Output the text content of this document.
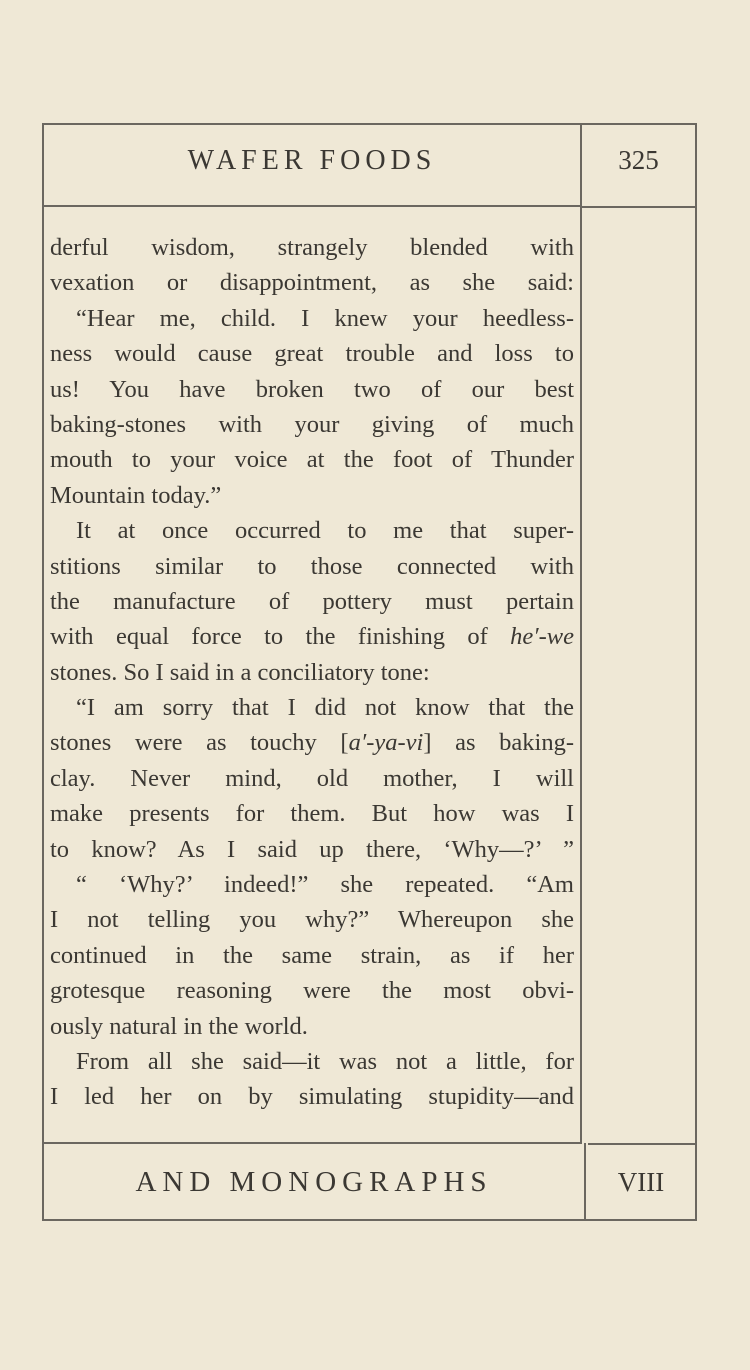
WAFER FOODS	325
derful wisdom, strangely blended with
vexation or disappointment, as she said:
“Hear me, child. I knew your heedless-
ness would cause great trouble and loss to
us! You have broken two of our best
baking-stones with your giving of much
mouth to your voice at the foot of Thunder
Mountain today.”
It at once occurred to me that super-
stitions similar to those connected with
the manufacture of pottery must pertain
with equal force to the finishing of he′-we
stones. So I said in a conciliatory tone:
“I am sorry that I did not know that the
stones were as touchy [a′-ya-vi] as baking-
clay. Never mind, old mother, I will
make presents for them. But how was I
to know? As I said up there, ‘Why—?’ ”
“ ‘Why?’ indeed!” she repeated. “Am
I not telling you why?” Whereupon she
continued in the same strain, as if her
grotesque reasoning were the most obvi-
ously natural in the world.
From all she said—it was not a little, for
I led her on by simulating stupidity—and
AND MONOGRAPHS	VIII
